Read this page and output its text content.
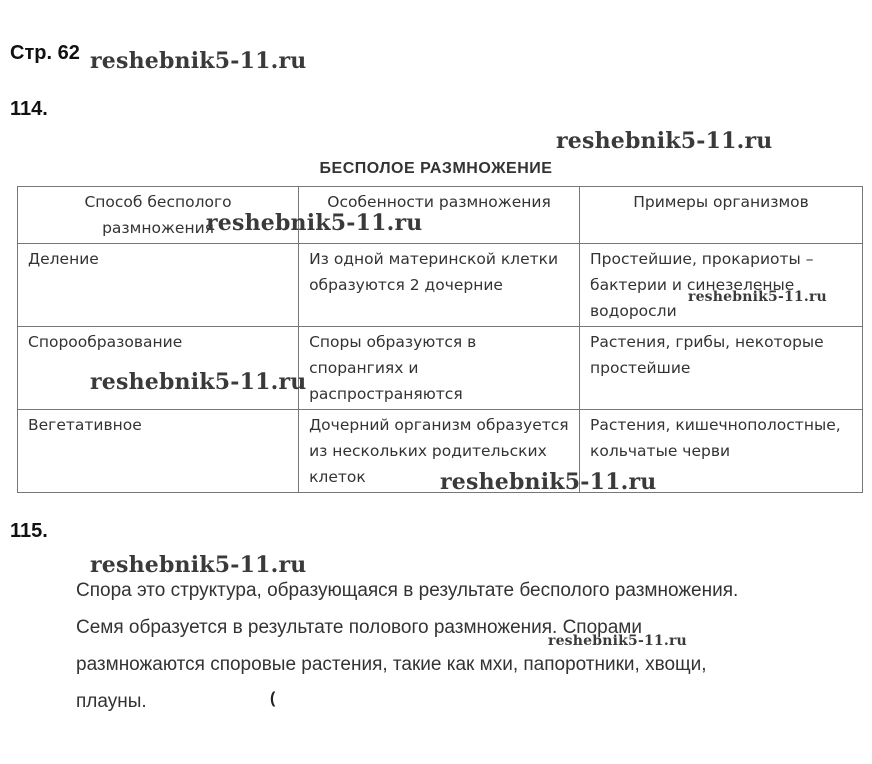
Стр. 62
114.
БЕСПОЛОЕ РАЗМНОЖЕНИЕ
Способ бесполого размножения	Особенности размножения	Примеры организмов
Деление	Из одной материнской клетки образуются 2 дочерние	Простейшие, прокариоты – бактерии и синезеленые водоросли
Спорообразование	Споры образуются в спорангиях и распространяются	Растения, грибы, некоторые простейшие
Вегетативное	Дочерний организм образуется из нескольких родительских клеток	Растения, кишечнополостные, кольчатые черви
115.

Спора это структура, образующаяся в результате бесполого размножения.

Семя образуется в результате полового размножения. Спорами

размножаются споровые растения, такие как мхи, папоротники, хвощи,

плауны.	(
reshebnik5-11.ru
reshebnik5-11.ru
reshebnik5-11.ru
reshebnik5-11.ru
reshebnik5-11.ru
reshebnik5-11.ru
reshebnik5-11.ru
reshebnik5-11.ru
